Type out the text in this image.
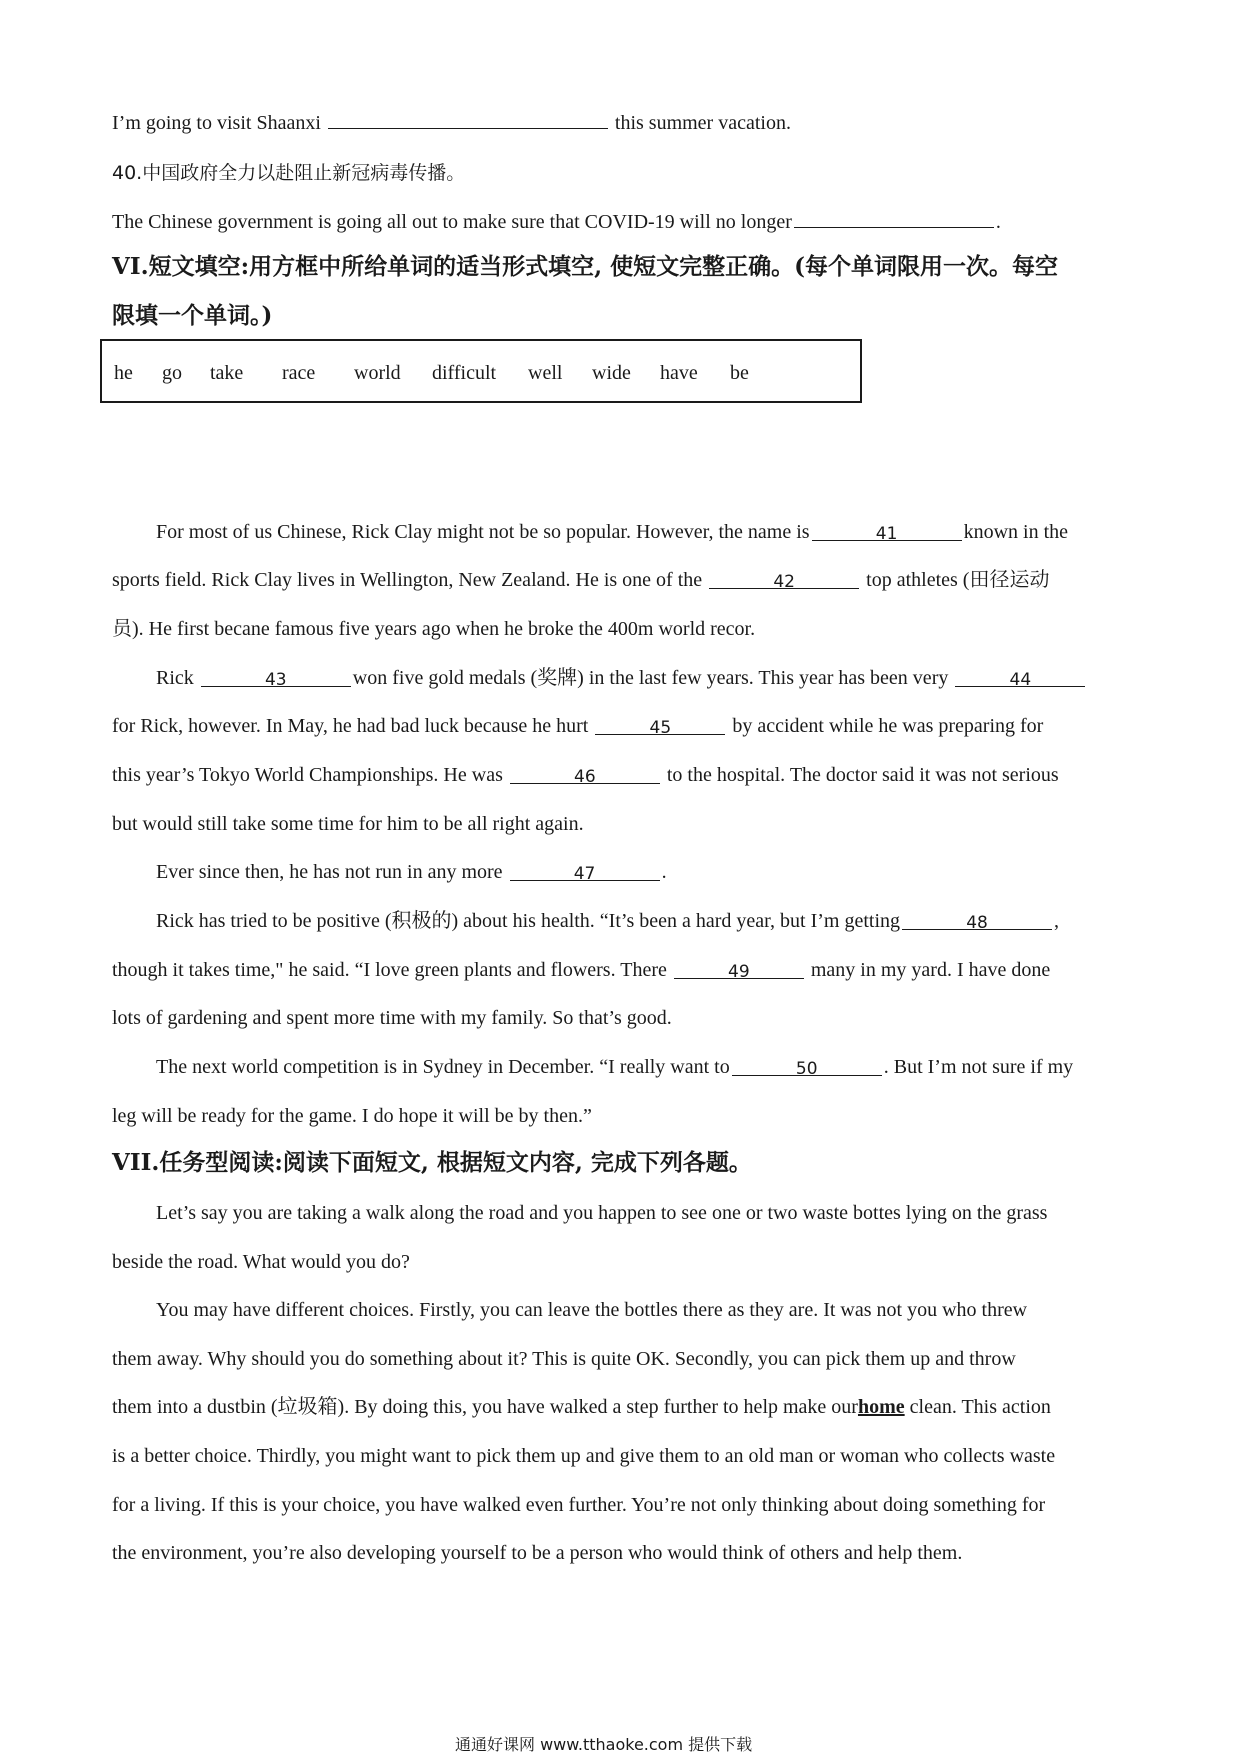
I’m going to visit Shaanxi	this summer vacation.
40.中国政府全力以赴阻止新冠病毒传播。
The Chinese government is going all out to make sure that COVID-19 will no longer	.
VI.短文填空:用方框中所给单词的适当形式填空, 使短文完整正确。(每个单词限用一次。每空
限填一个单词。)
he go take race world difficult well wide have be
For most of us Chinese, Rick Clay might not be so popular. However, the name is	41	known in the
sports field. Rick Clay lives in Wellington, New Zealand. He is one of the	42	top athletes (田径运动
员). He first becane famous five years ago when he broke the 400m world recor.
Rick	43	won five gold medals (奖牌) in the last few years. This year has been very	44
for Rick, however. In May, he had bad luck because he hurt	45	by accident while he was preparing for
this year’s Tokyo World Championships. He was	46	to the hospital. The doctor said it was not serious
but would still take some time for him to be all right again.
Ever since then, he has not run in any more	47	.
Rick has tried to be positive (积极的) about his health. “It’s been a hard year, but I’m getting	48	,
though it takes time," he said. “I love green plants and flowers. There	49	many in my yard. I have done
lots of gardening and spent more time with my family. So that’s good.
The next world competition is in Sydney in December. “I really want to	50	. But I’m not sure if my
leg will be ready for the game. I do hope it will be by then.”
VII.任务型阅读:阅读下面短文, 根据短文内容, 完成下列各题。
Let’s say you are taking a walk along the road and you happen to see one or two waste bottes lying on the grass
beside the road. What would you do?
You may have different choices. Firstly, you can leave the bottles there as they are. It was not you who threw
them away. Why should you do something about it? This is quite OK. Secondly, you can pick them up and throw
them into a dustbin (垃圾箱). By doing this, you have walked a step further to help make ourhome clean. This action
is a better choice. Thirdly, you might want to pick them up and give them to an old man or woman who collects waste
for a living. If this is your choice, you have walked even further. You’re not only thinking about doing something for
the environment, you’re also developing yourself to be a person who would think of others and help them.
通通好课网 www.tthaoke.com 提供下载
